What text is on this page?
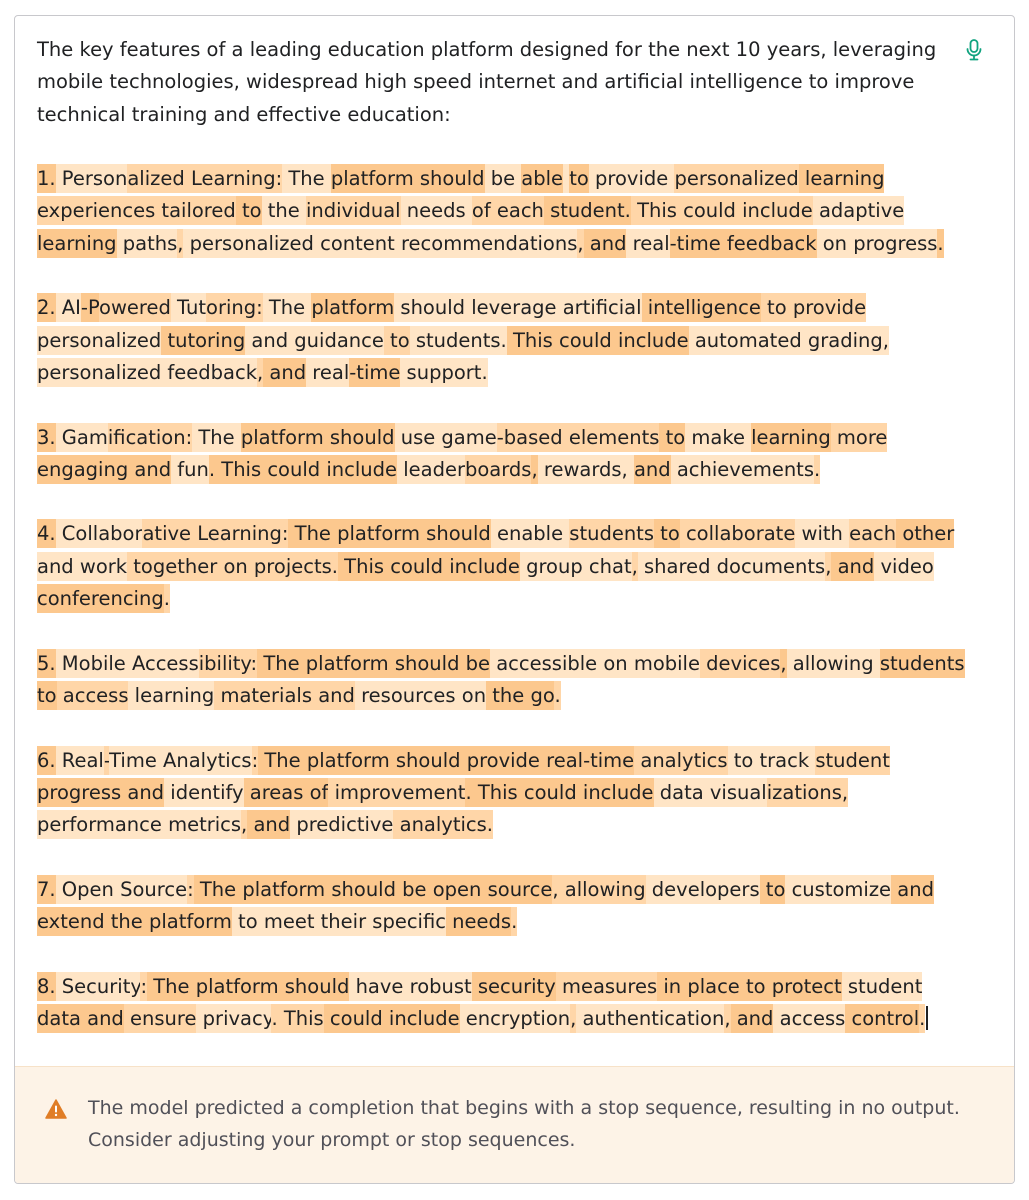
The key features of a leading education platform designed for the next 10 years, leveraging mobile technologies, widespread high speed internet and artificial intelligence to improve technical training and effective education:

1. Personalized Learning: The platform should be able to provide personalized learning experiences tailored to the individual needs of each student. This could include adaptive learning paths, personalized content recommendations, and real-time feedback on progress.

2. AI-Powered Tutoring: The platform should leverage artificial intelligence to provide personalized tutoring and guidance to students. This could include automated grading, personalized feedback, and real-time support.

3. Gamification: The platform should use game-based elements to make learning more engaging and fun. This could include leaderboards, rewards, and achievements.

4. Collaborative Learning: The platform should enable students to collaborate with each other and work together on projects. This could include group chat, shared documents, and video conferencing.

5. Mobile Accessibility: The platform should be accessible on mobile devices, allowing students to access learning materials and resources on the go.

6. Real-Time Analytics: The platform should provide real-time analytics to track student progress and identify areas of improvement. This could include data visualizations, performance metrics, and predictive analytics.

7. Open Source: The platform should be open source, allowing developers to customize and extend the platform to meet their specific needs.

8. Security: The platform should have robust security measures in place to protect student data and ensure privacy. This could include encryption, authentication, and access control.

The model predicted a completion that begins with a stop sequence, resulting in no output. Consider adjusting your prompt or stop sequences.
